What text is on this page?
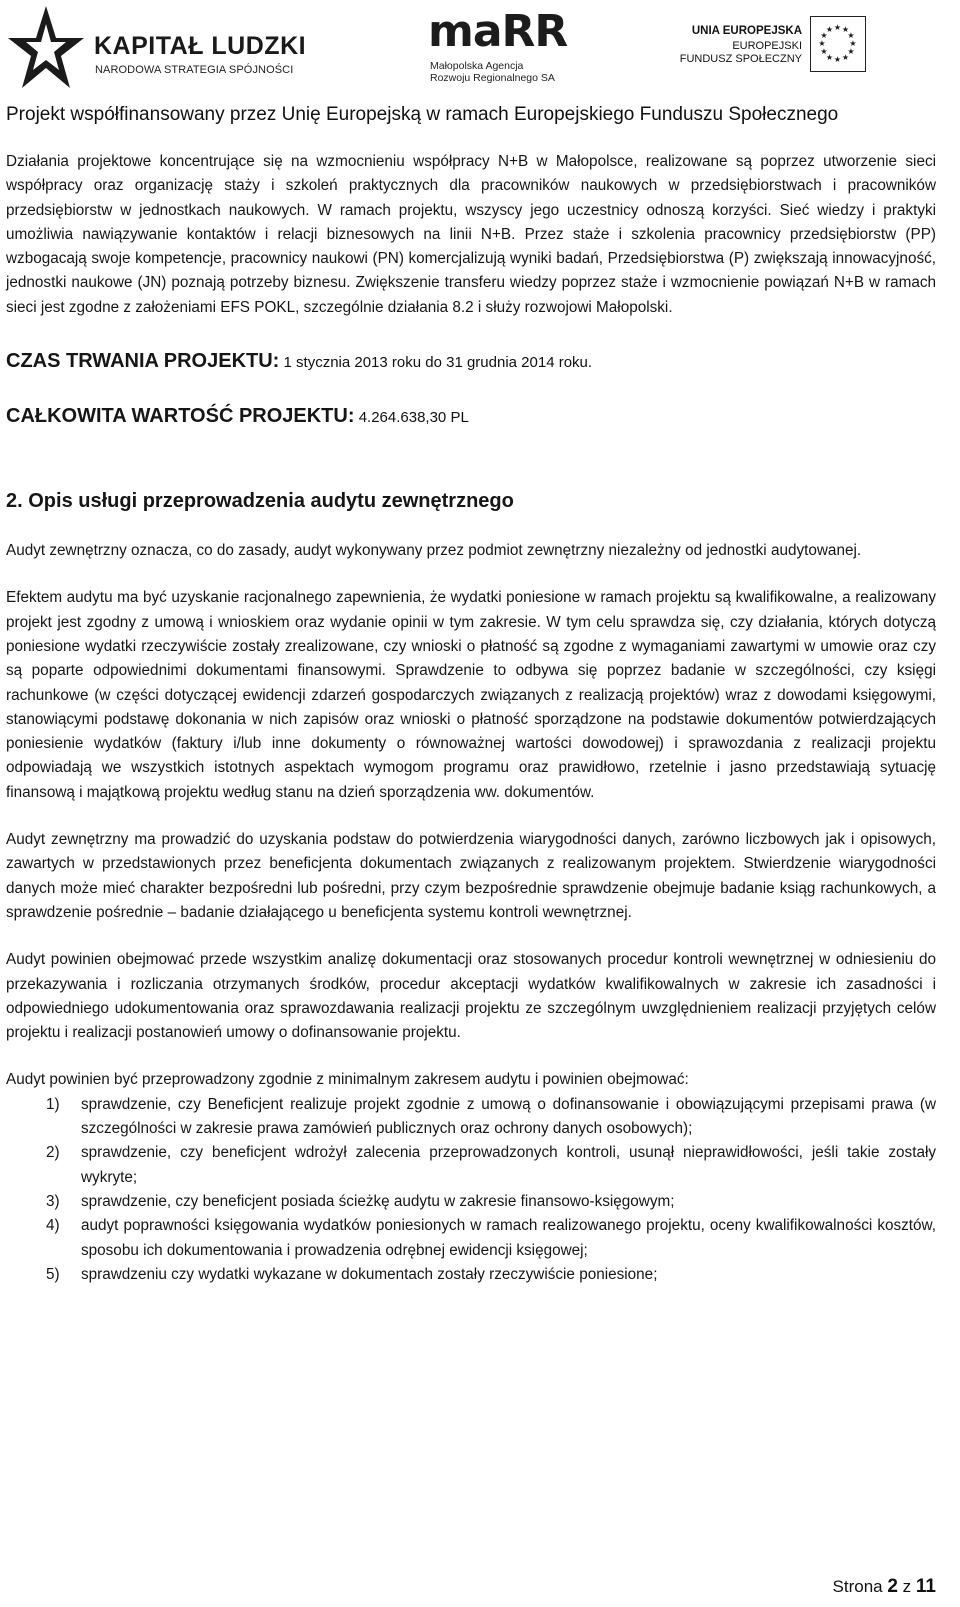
KAPITAŁ LUDZKI
NARODOWA STRATEGIA SPÓJNOŚCI
maRR
Małopolska Agencja
Rozwoju Regionalnego SA
UNIA EUROPEJSKA
EUROPEJSKI
FUNDUSZ SPOŁECZNY
★ ★
★
★
★
★
★
★
★
★
★
★
Projekt współfinansowany przez Unię Europejską w ramach Europejskiego Funduszu Społecznego

Działania projektowe koncentrujące się na wzmocnieniu współpracy N+B w Małopolsce, realizowane są poprzez utworzenie sieci współpracy oraz organizację staży i szkoleń praktycznych dla pracowników naukowych w przedsiębiorstwach i pracowników przedsiębiorstw w jednostkach naukowych. W ramach projektu, wszyscy jego uczestnicy odnoszą korzyści. Sieć wiedzy i praktyki umożliwia nawiązywanie kontaktów i relacji biznesowych na linii N+B. Przez staże i szkolenia pracownicy przedsiębiorstw (PP) wzbogacają swoje kompetencje, pracownicy naukowi (PN) komercjalizują wyniki badań, Przedsiębiorstwa (P) zwiększają innowacyjność, jednostki naukowe (JN) poznają potrzeby biznesu. Zwiększenie transferu wiedzy poprzez staże i wzmocnienie powiązań N+B w ramach sieci jest zgodne z założeniami EFS POKL, szczególnie działania 8.2 i służy rozwojowi Małopolski.

CZAS TRWANIA PROJEKTU: 1 stycznia 2013 roku do 31 grudnia 2014 roku.

CAŁKOWITA WARTOŚĆ PROJEKTU: 4.264.638,30 PL

2. Opis usługi przeprowadzenia audytu zewnętrznego

Audyt zewnętrzny oznacza, co do zasady, audyt wykonywany przez podmiot zewnętrzny niezależny od jednostki audytowanej.

Efektem audytu ma być uzyskanie racjonalnego zapewnienia, że wydatki poniesione w ramach projektu są kwalifikowalne, a realizowany projekt jest zgodny z umową i wnioskiem oraz wydanie opinii w tym zakresie. W tym celu sprawdza się, czy działania, których dotyczą poniesione wydatki rzeczywiście zostały zrealizowane, czy wnioski o płatność są zgodne z wymaganiami zawartymi w umowie oraz czy są poparte odpowiednimi dokumentami finansowymi. Sprawdzenie to odbywa się poprzez badanie w szczególności, czy księgi rachunkowe (w części dotyczącej ewidencji zdarzeń gospodarczych związanych z realizacją projektów) wraz z dowodami księgowymi, stanowiącymi podstawę dokonania w nich zapisów oraz wnioski o płatność sporządzone na podstawie dokumentów potwierdzających poniesienie wydatków (faktury i/lub inne dokumenty o równoważnej wartości dowodowej) i sprawozdania z realizacji projektu odpowiadają we wszystkich istotnych aspektach wymogom programu oraz prawidłowo, rzetelnie i jasno przedstawiają sytuację finansową i majątkową projektu według stanu na dzień sporządzenia ww. dokumentów.

Audyt zewnętrzny ma prowadzić do uzyskania podstaw do potwierdzenia wiarygodności danych, zarówno liczbowych jak i opisowych, zawartych w przedstawionych przez beneficjenta dokumentach związanych z realizowanym projektem. Stwierdzenie wiarygodności danych może mieć charakter bezpośredni lub pośredni, przy czym bezpośrednie sprawdzenie obejmuje badanie ksiąg rachunkowych, a sprawdzenie pośrednie – badanie działającego u beneficjenta systemu kontroli wewnętrznej.

Audyt powinien obejmować przede wszystkim analizę dokumentacji oraz stosowanych procedur kontroli wewnętrznej w odniesieniu do przekazywania i rozliczania otrzymanych środków, procedur akceptacji wydatków kwalifikowalnych w zakresie ich zasadności i odpowiedniego udokumentowania oraz sprawozdawania realizacji projektu ze szczególnym uwzględnieniem realizacji przyjętych celów projektu i realizacji postanowień umowy o dofinansowanie projektu.

Audyt powinien być przeprowadzony zgodnie z minimalnym zakresem audytu i powinien obejmować:

1) sprawdzenie, czy Beneficjent realizuje projekt zgodnie z umową o dofinansowanie i obowiązującymi przepisami prawa (w szczególności w zakresie prawa zamówień publicznych oraz ochrony danych osobowych);
2) sprawdzenie, czy beneficjent wdrożył zalecenia przeprowadzonych kontroli, usunął nieprawidłowości, jeśli takie zostały wykryte;
3) sprawdzenie, czy beneficjent posiada ścieżkę audytu w zakresie finansowo-księgowym;
4) audyt poprawności księgowania wydatków poniesionych w ramach realizowanego projektu, oceny kwalifikowalności kosztów, sposobu ich dokumentowania i prowadzenia odrębnej ewidencji księgowej;
5) sprawdzeniu czy wydatki wykazane w dokumentach zostały rzeczywiście poniesione;
Strona 2 z 11
